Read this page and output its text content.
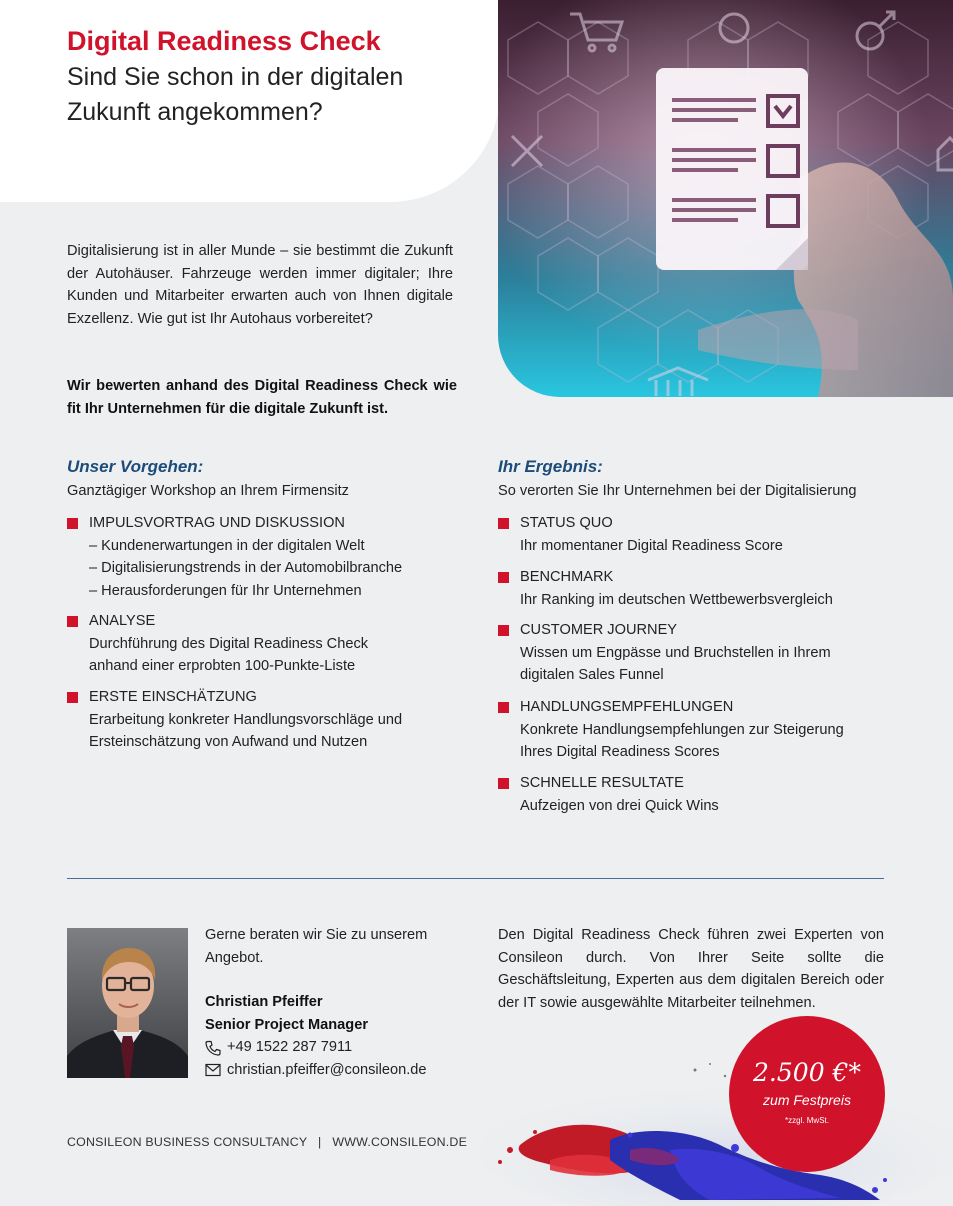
Digital Readiness Check
Sind Sie schon in der digitalen
Zukunft angekommen?

Digitalisierung ist in aller Munde – sie bestimmt die Zukunft der Autohäuser. Fahrzeuge werden immer digitaler; Ihre Kunden und Mitarbeiter erwarten auch von Ihnen digitale Exzellenz. Wie gut ist Ihr Autohaus vorbereitet?

Wir bewerten anhand des Digital Readiness Check wie fit Ihr Unternehmen für die digitale Zukunft ist.

Unser Vorgehen:
Ganztägiger Workshop an Ihrem Firmensitz
IMPULSVORTRAG UND DISKUSSION
– Kundenerwartungen in der digitalen Welt
– Digitalisierungstrends in der Automobilbranche
– Herausforderungen für Ihr Unternehmen
ANALYSE
Durchführung des Digital Readiness Check
anhand einer erprobten 100-Punkte-Liste
ERSTE EINSCHÄTZUNG
Erarbeitung konkreter Handlungsvorschläge und
Ersteinschätzung von Aufwand und Nutzen
Ihr Ergebnis:
So verorten Sie Ihr Unternehmen bei der Digitalisierung
STATUS QUO
Ihr momentaner Digital Readiness Score
BENCHMARK
Ihr Ranking im deutschen Wettbewerbsvergleich
CUSTOMER JOURNEY
Wissen um Engpässe und Bruchstellen in Ihrem
digitalen Sales Funnel
HANDLUNGSEMPFEHLUNGEN
Konkrete Handlungsempfehlungen zur Steigerung
Ihres Digital Readiness Scores
SCHNELLE RESULTATE
Aufzeigen von drei Quick Wins
Gerne beraten wir Sie zu unserem
Angebot.
Christian Pfeiffer
Senior Project Manager
+49 1522 287 7911
christian.pfeiffer@consileon.de

Den Digital Readiness Check führen zwei Experten von Consileon durch. Von Ihrer Seite sollte die Geschäftsleitung, Experten aus dem digitalen Bereich oder der IT sowie ausgewählte Mitarbeiter teilnehmen.

2.500 €*
zum Festpreis
*zzgl. MwSt.
CONSILEON BUSINESS CONSULTANCY   |   WWW.CONSILEON.DE
